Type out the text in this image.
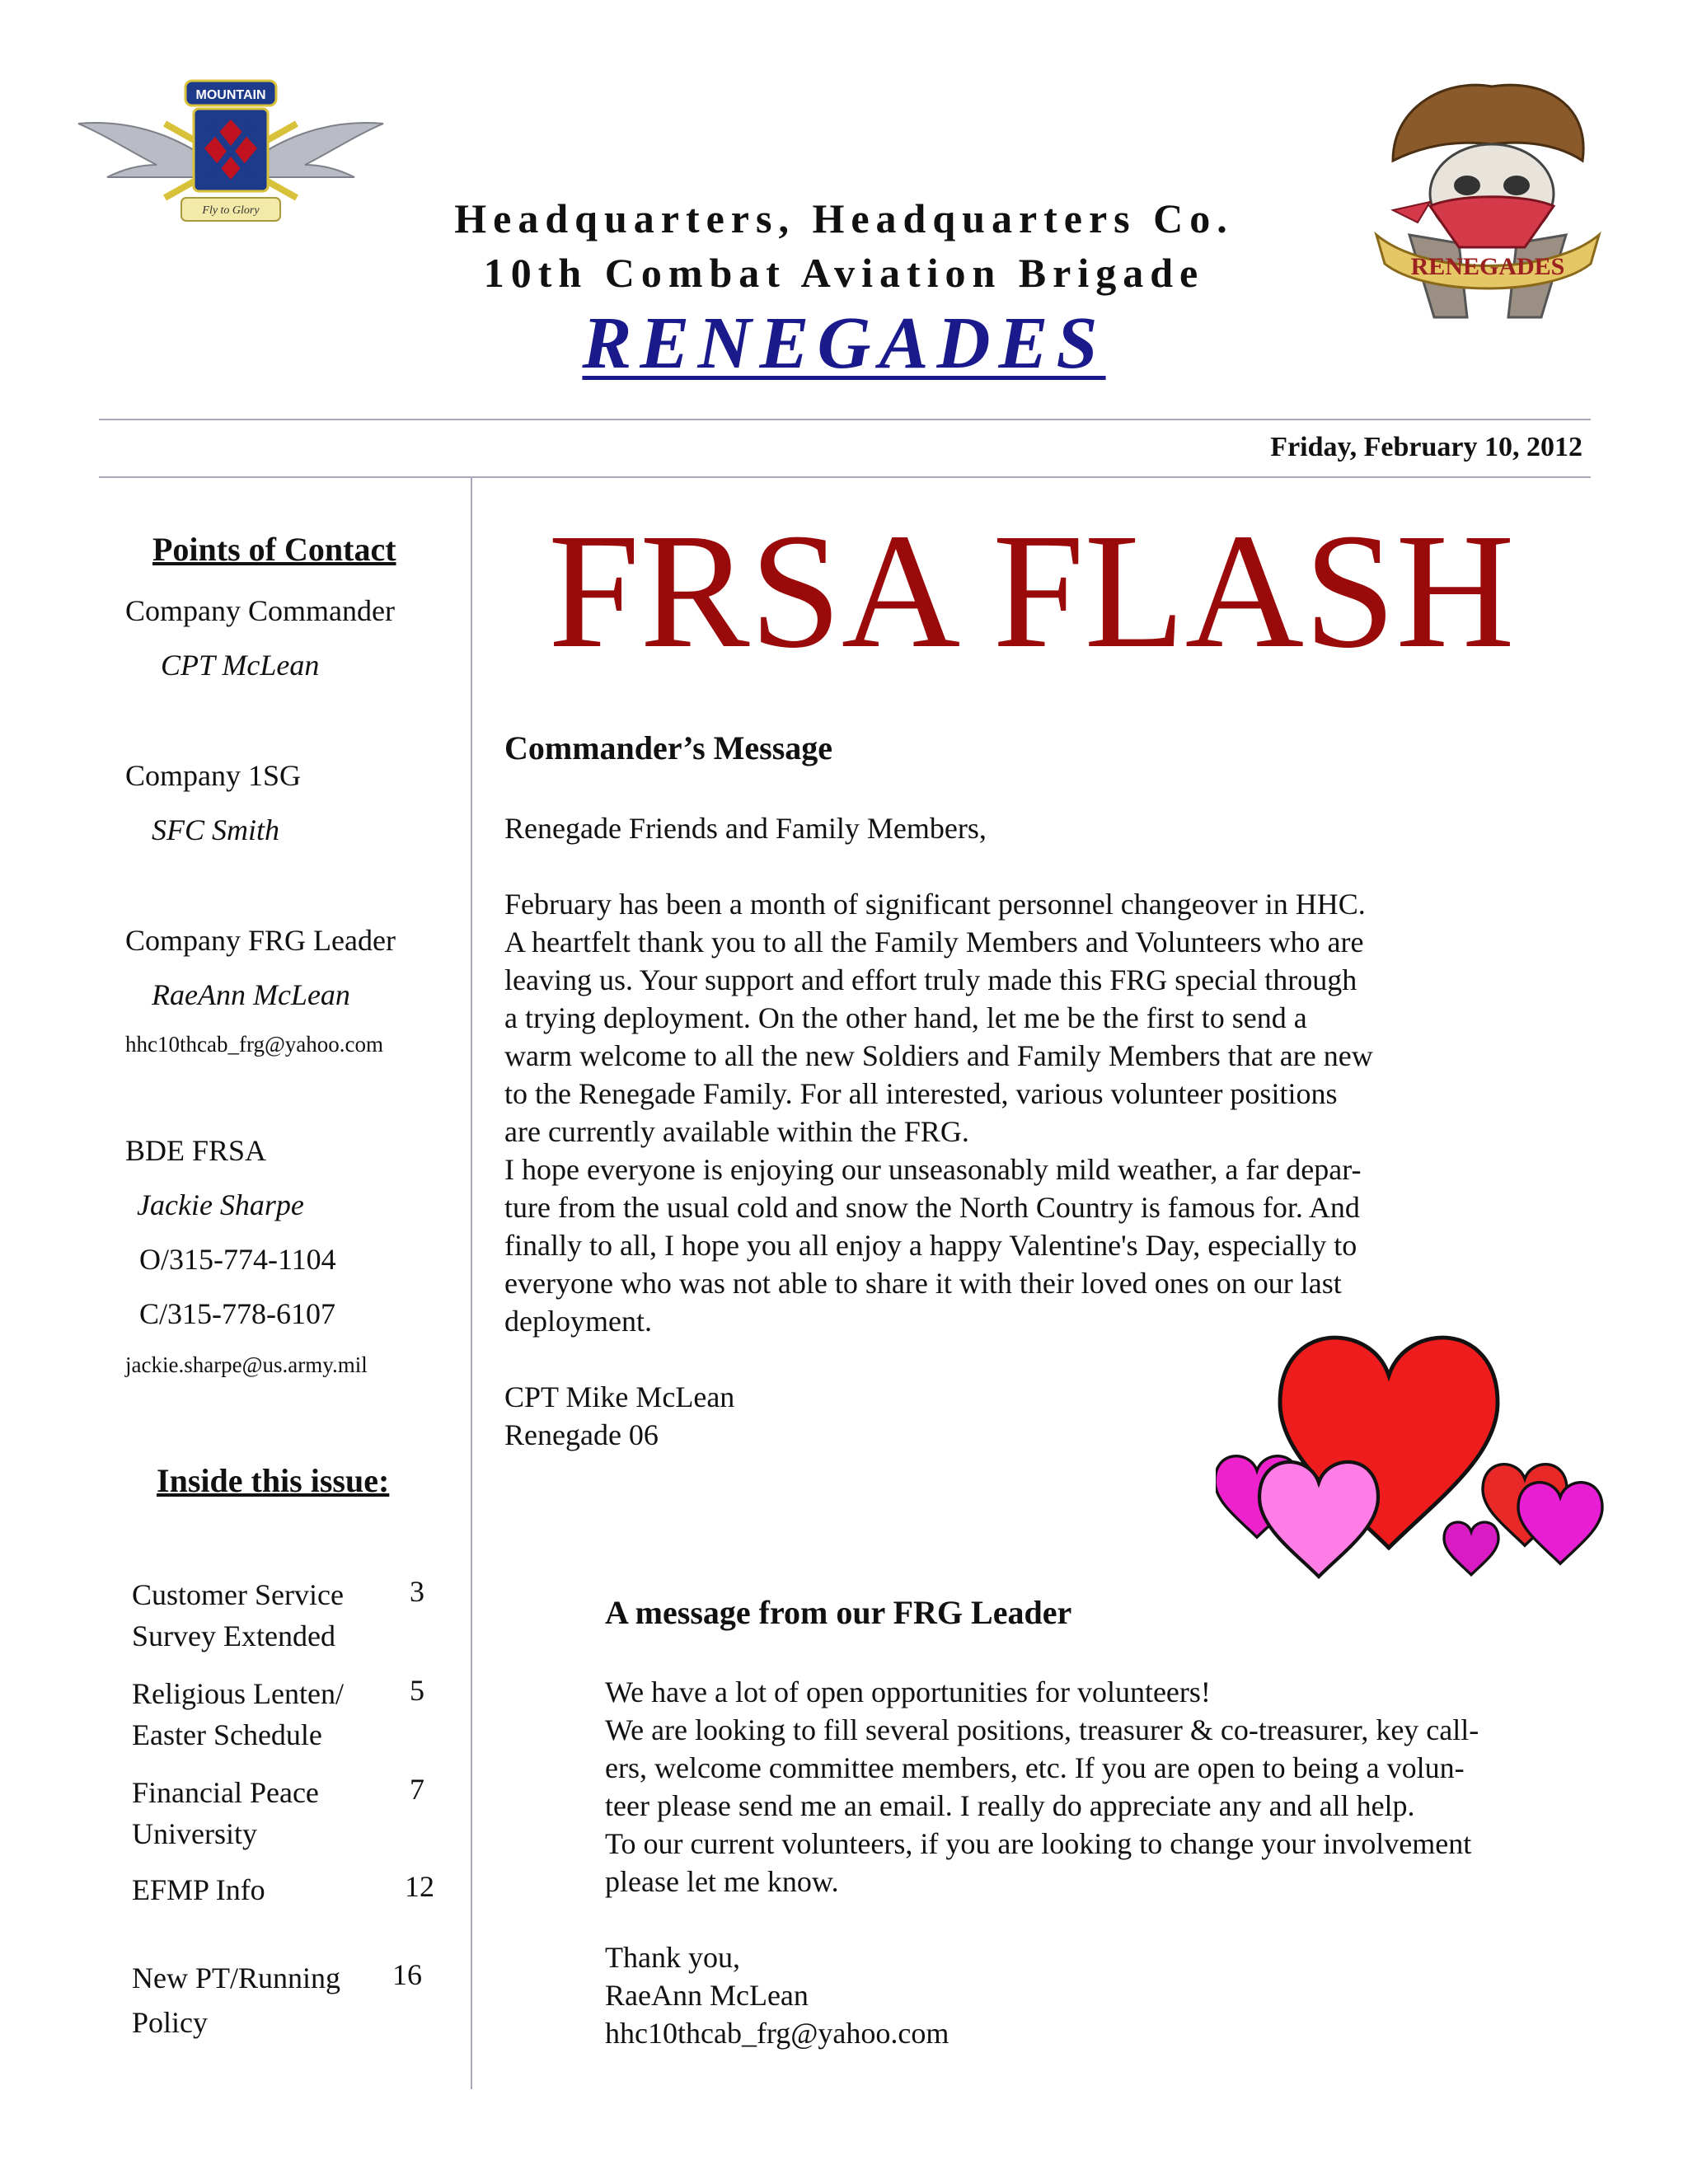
MOUNTAIN
Fly to Glory
RENEGADES
Headquarters, Headquarters Co.
10th Combat Aviation Brigade
RENEGADES
Friday, February 10, 2012
Points of Contact
Company Commander
CPT McLean
Company 1SG
SFC Smith
Company FRG Leader
RaeAnn McLean
hhc10thcab_frg@yahoo.com
BDE FRSA
Jackie Sharpe
O/315-774-1104
C/315-778-6107
jackie.sharpe@us.army.mil
Inside this issue:
Customer Service
Survey Extended
3
Religious Lenten/
Easter Schedule
5
Financial Peace
University
7
EFMP Info	12
New PT/Running
Policy
16
FRSA FLASH
Commander’s Message

Renegade Friends and Family Members,

February has been a month of significant personnel changeover in HHC.

A heartfelt thank you to all the Family Members and Volunteers who are

leaving us. Your support and effort truly made this FRG special through

a trying deployment. On the other hand, let me be the first to send a

warm welcome to all the new Soldiers and Family Members that are new

to the Renegade Family. For all interested, various volunteer positions

are currently available within the FRG.

I hope everyone is enjoying our unseasonably mild weather, a far depar-

ture from the usual cold and snow the North Country is famous for. And

finally to all, I hope you all enjoy a happy Valentine's Day, especially to

everyone who was not able to share it with their loved ones on our last

deployment.

CPT Mike McLean

Renegade 06

A message from our FRG Leader

We have a lot of open opportunities for volunteers!

We are looking to fill several positions, treasurer & co-treasurer, key call-

ers, welcome committee members, etc. If you are open to being a volun-

teer please send me an email. I really do appreciate any and all help.

To our current volunteers, if you are looking to change your involvement

please let me know.

Thank you,

RaeAnn McLean

hhc10thcab_frg@yahoo.com
